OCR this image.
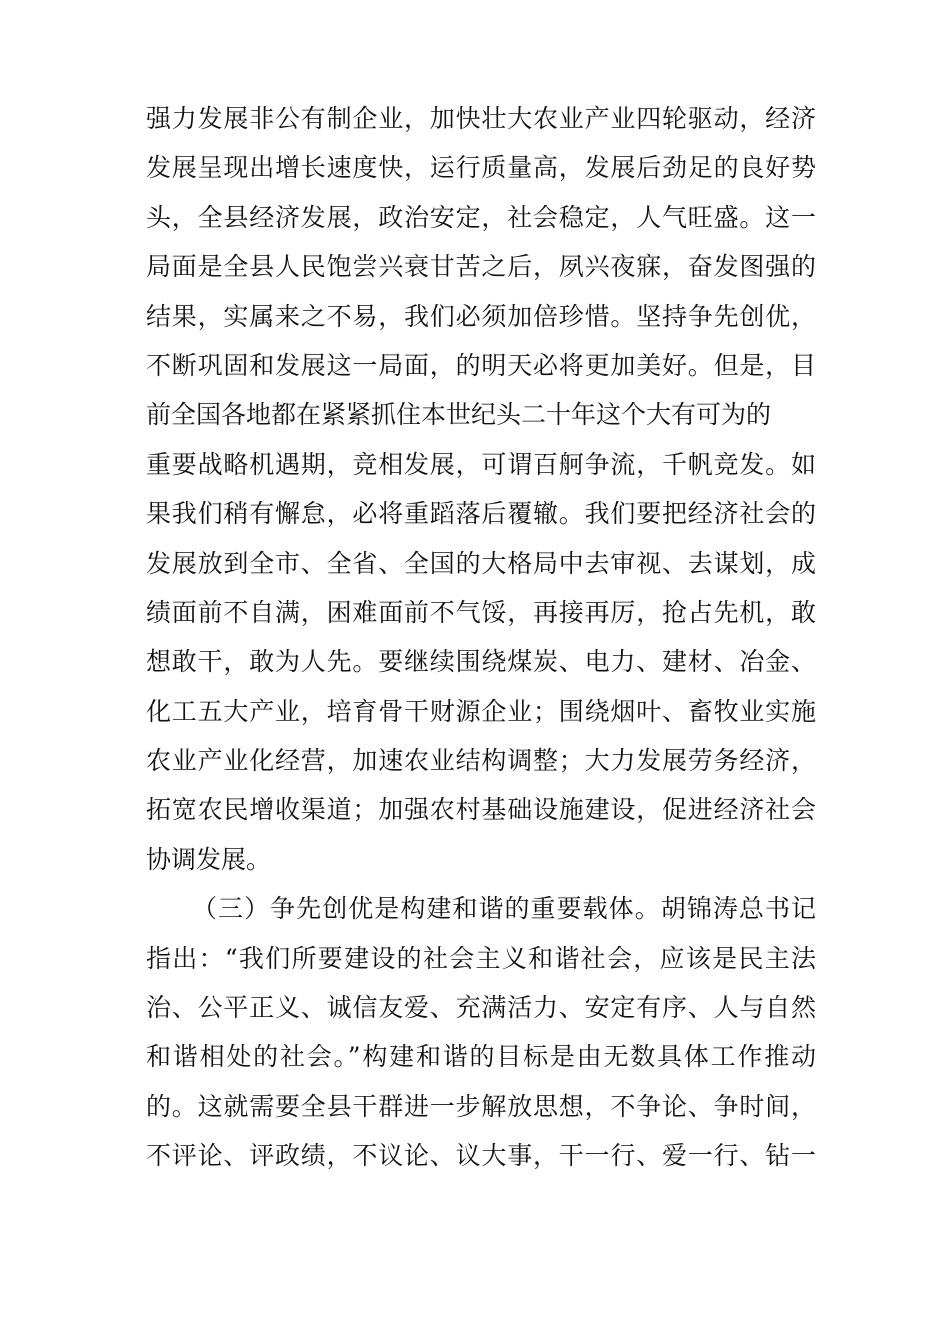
强力发展非公有制企业，加快壮大农业产业四轮驱动，经济
发展呈现出增长速度快，运行质量高，发展后劲足的良好势
头，全县经济发展，政治安定，社会稳定，人气旺盛。这一
局面是全县人民饱尝兴衰甘苦之后，夙兴夜寐，奋发图强的
结果，实属来之不易，我们必须加倍珍惜。坚持争先创优，
不断巩固和发展这一局面，的明天必将更加美好。但是，目
前全国各地都在紧紧抓住本世纪头二十年这个大有可为的
重要战略机遇期，竞相发展，可谓百舸争流，千帆竞发。如
果我们稍有懈怠，必将重蹈落后覆辙。我们要把经济社会的
发展放到全市、全省、全国的大格局中去审视、去谋划，成
绩面前不自满，困难面前不气馁，再接再厉，抢占先机，敢
想敢干，敢为人先。要继续围绕煤炭、电力、建材、冶金、
化工五大产业，培育骨干财源企业；围绕烟叶、畜牧业实施
农业产业化经营，加速农业结构调整；大力发展劳务经济，
拓宽农民增收渠道；加强农村基础设施建设，促进经济社会
协调发展。
（三）争先创优是构建和谐的重要载体。胡锦涛总书记
指出：“我们所要建设的社会主义和谐社会，应该是民主法
治、公平正义、诚信友爱、充满活力、安定有序、人与自然
和谐相处的社会。”构建和谐的目标是由无数具体工作推动
的。这就需要全县干群进一步解放思想，不争论、争时间，
不评论、评政绩，不议论、议大事，干一行、爱一行、钻一
